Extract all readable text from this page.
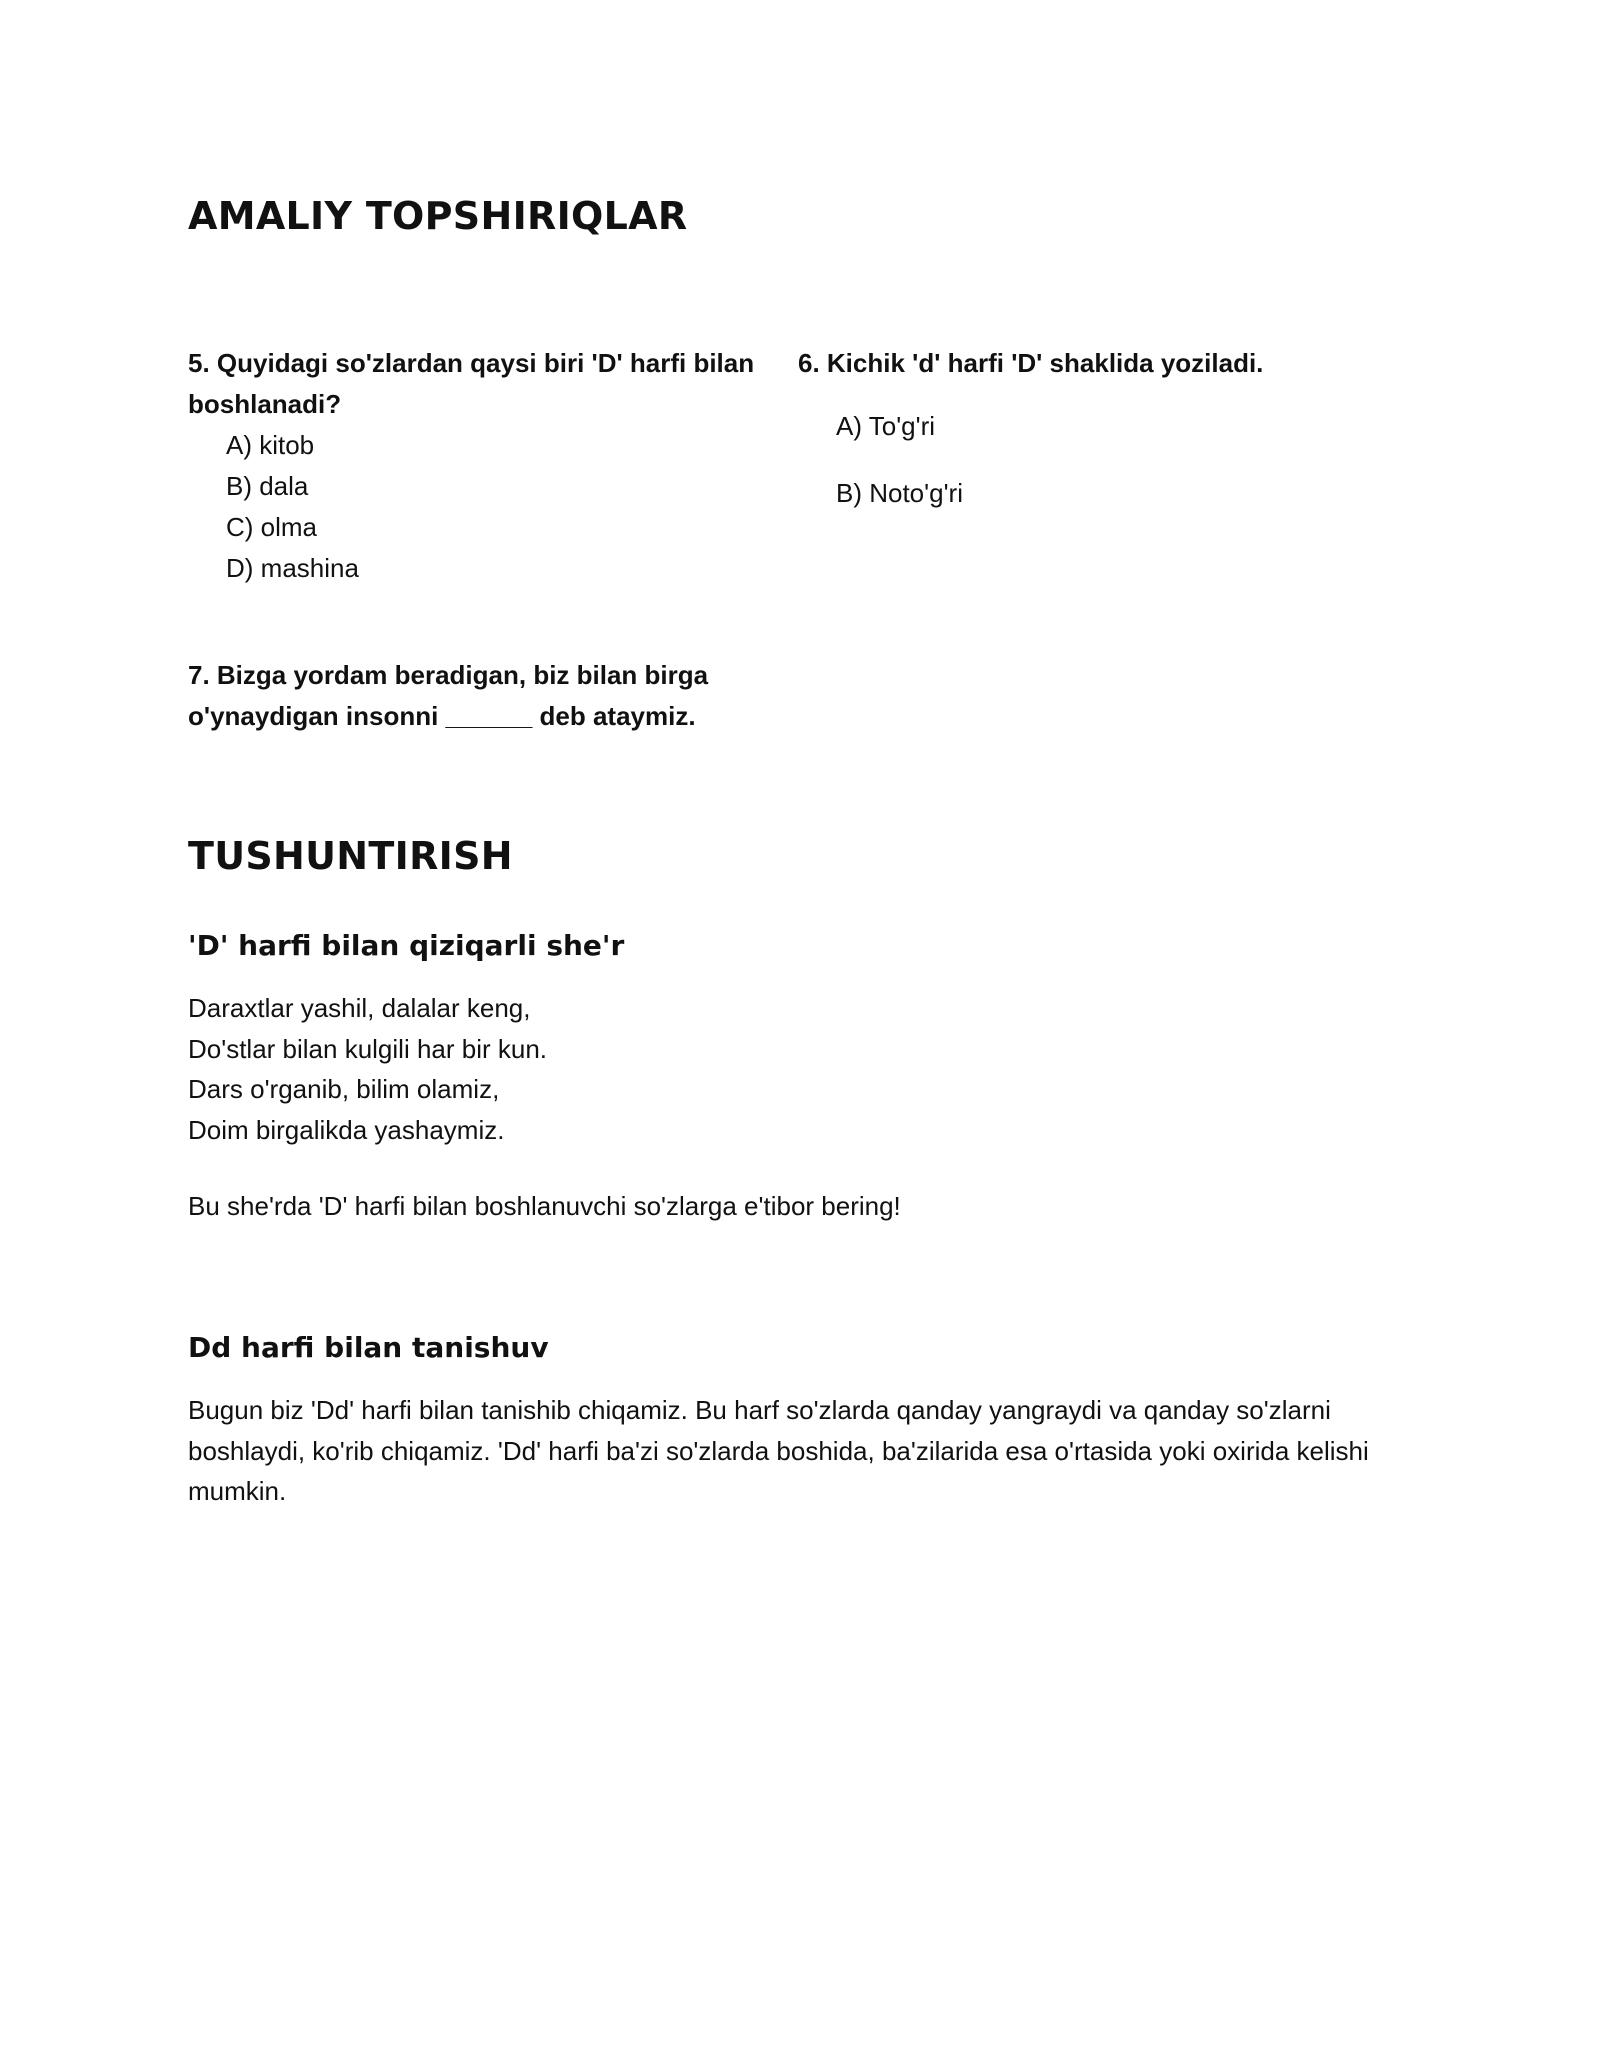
AMALIY TOPSHIRIQLAR

5. Quyidagi so'zlardan qaysi biri 'D' harfi bilan boshlanadi?

A) kitob
B) dala
C) olma
D) mashina

6. Kichik 'd' harfi 'D' shaklida yoziladi.

A) To'g'ri
B) Noto'g'ri

7. Bizga yordam beradigan, biz bilan birga o'ynaydigan insonni ______ deb ataymiz.

TUSHUNTIRISH
'D' harfi bilan qiziqarli she'r
Daraxtlar yashil, dalalar keng,
Do'stlar bilan kulgili har bir kun.
Dars o'rganib, bilim olamiz,
Doim birgalikda yashaymiz.

Bu she'rda 'D' harfi bilan boshlanuvchi so'zlarga e'tibor bering!

Dd harfi bilan tanishuv

Bugun biz 'Dd' harfi bilan tanishib chiqamiz. Bu harf so'zlarda qanday yangraydi va qanday so'zlarni boshlaydi, ko'rib chiqamiz. 'Dd' harfi ba'zi so'zlarda boshida, ba'zilarida esa o'rtasida yoki oxirida kelishi mumkin.
